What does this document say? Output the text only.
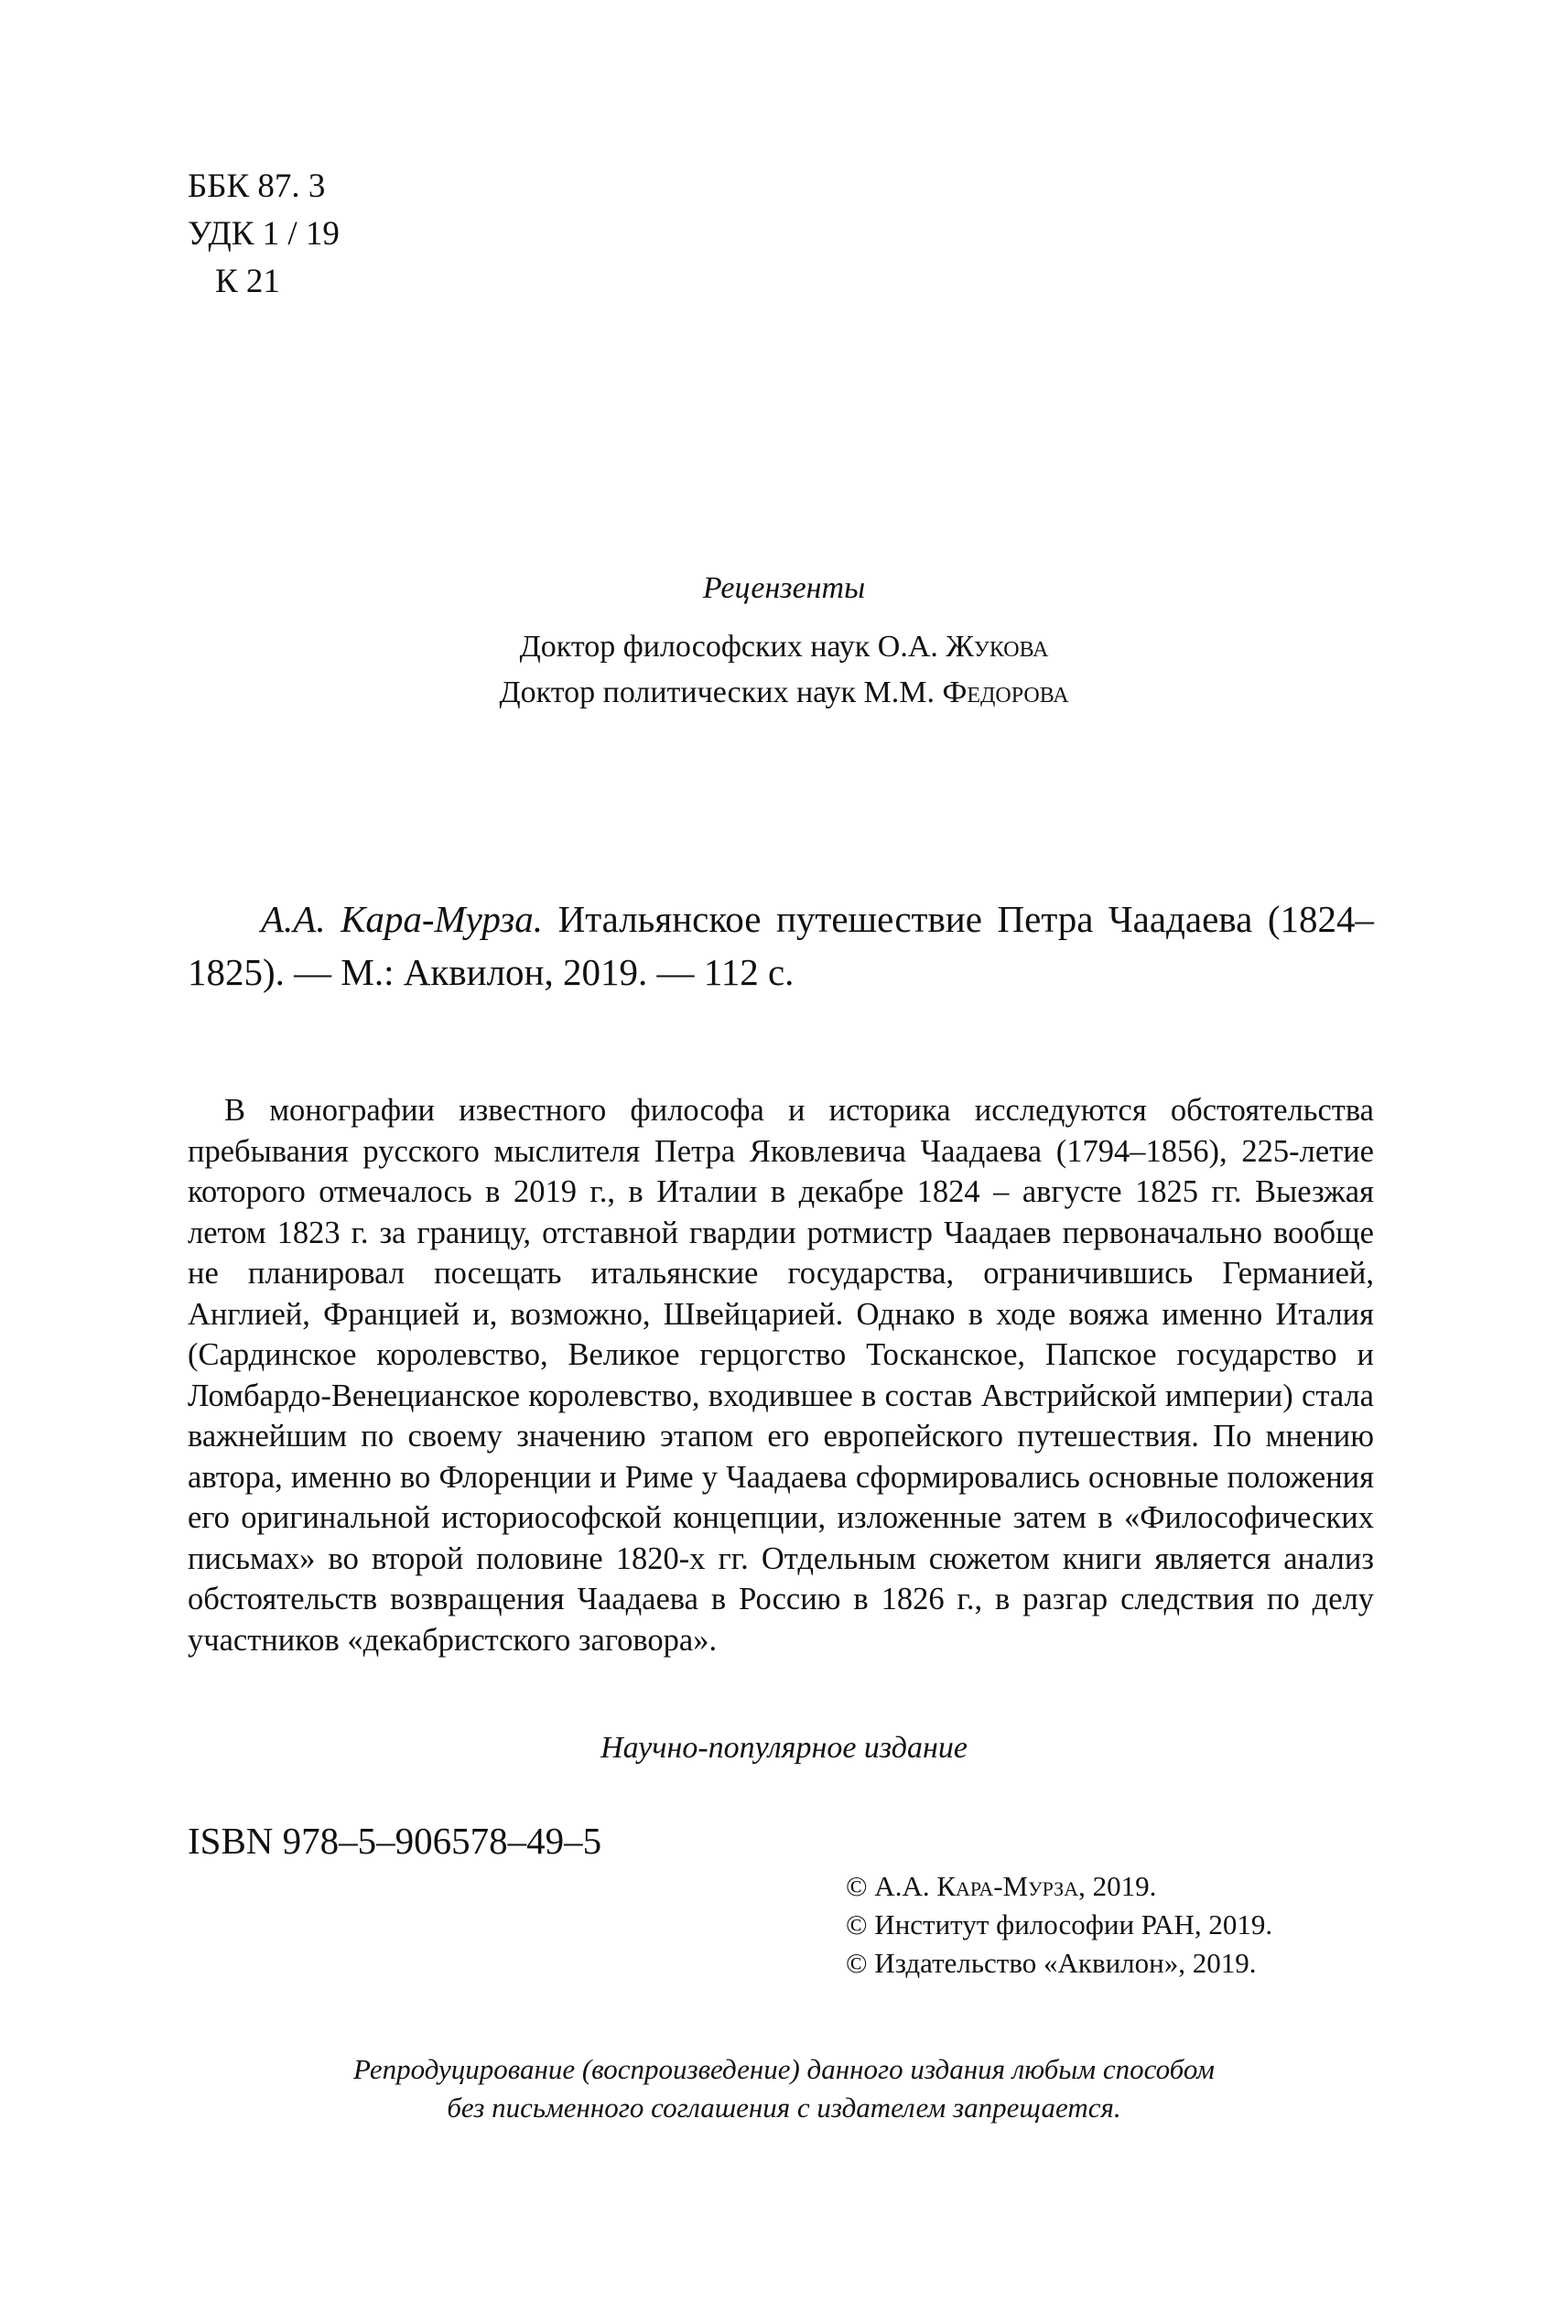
ББК 87. 3
УДК 1 / 19
К 21
Рецензенты
Доктор философских наук О.А. Жукова
Доктор политических наук М.М. Федорова

А.А. Кара-Мурза. Итальянское путешествие Петра Чаадаева (1824–1825). — М.: Аквилон, 2019. — 112 с.

В монографии известного философа и историка исследуются обстоятельства пребывания русского мыслителя Петра Яковлевича Чаадаева (1794–1856), 225-летие которого отмечалось в 2019 г., в Италии в декабре 1824 – августе 1825 гг. Выезжая летом 1823 г. за границу, отставной гвардии ротмистр Чаадаев первоначально вообще не планировал посещать итальянские государства, ограничившись Германией, Англией, Францией и, возможно, Швейцарией. Однако в ходе вояжа именно Италия (Сардинское королевство, Великое герцогство Тосканское, Папское государство и Ломбардо-Венецианское королевство, входившее в состав Австрийской империи) стала важнейшим по своему значению этапом его европейского путешествия. По мнению автора, именно во Флоренции и Риме у Чаадаева сформировались основные положения его оригинальной историософской концепции, изложенные затем в «Философических письмах» во второй половине 1820-х гг. Отдельным сюжетом книги является анализ обстоятельств возвращения Чаадаева в Россию в 1826 г., в разгар следствия по делу участников «декабристского заговора».

Научно-популярное издание
ISBN 978–5–906578–49–5
© А.А. Кара-Мурза, 2019.
© Институт философии РАН, 2019.
© Издательство «Аквилон», 2019.
Репродуцирование (воспроизведение) данного издания любым способом
без письменного соглашения с издателем запрещается.
